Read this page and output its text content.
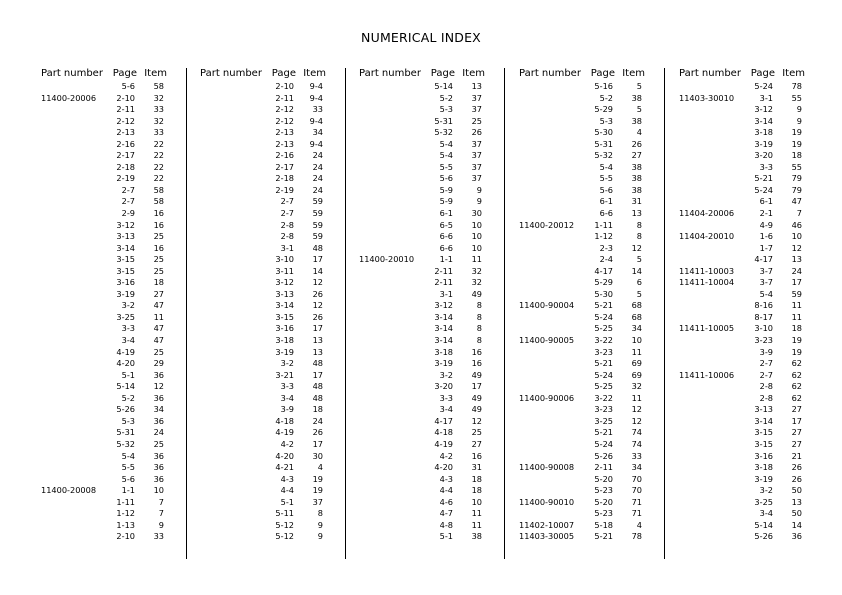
NUMERICAL INDEX
Part number Page Item
5-6	58
11400-20006	2-10	32
2-11	33
2-12	32
2-13	33
2-16	22
2-17	22
2-18	22
2-19	22
2-7	58
2-7	58
2-9	16
3-12	16
3-13	25
3-14	16
3-15	25
3-15	25
3-16	18
3-19	27
3-2	47
3-25	11
3-3	47
3-4	47
4-19	25
4-20	29
5-1	36
5-14	12
5-2	36
5-26	34
5-3	36
5-31	24
5-32	25
5-4	36
5-5	36
5-6	36
11400-20008	1-1	10
1-11	7
1-12	7
1-13	9
2-10	33
Part number Page Item
2-10	9-4
2-11	9-4
2-12	33
2-12	9-4
2-13	34
2-13	9-4
2-16	24
2-17	24
2-18	24
2-19	24
2-7	59
2-7	59
2-8	59
2-8	59
3-1	48
3-10	17
3-11	14
3-12	12
3-13	26
3-14	12
3-15	26
3-16	17
3-18	13
3-19	13
3-2	48
3-21	17
3-3	48
3-4	48
3-9	18
4-18	24
4-19	26
4-2	17
4-20	30
4-21	4
4-3	19
4-4	19
5-1	37
5-11	8
5-12	9
5-12	9
Part number Page Item
5-14	13
5-2	37
5-3	37
5-31	25
5-32	26
5-4	37
5-4	37
5-5	37
5-6	37
5-9	9
5-9	9
6-1	30
6-5	10
6-6	10
6-6	10
11400-20010	1-1	11
2-11	32
2-11	32
3-1	49
3-12	8
3-14	8
3-14	8
3-14	8
3-18	16
3-19	16
3-2	49
3-20	17
3-3	49
3-4	49
4-17	12
4-18	25
4-19	27
4-2	16
4-20	31
4-3	18
4-4	18
4-6	10
4-7	11
4-8	11
5-1	38
Part number Page Item
5-16	5
5-2	38
5-29	5
5-3	38
5-30	4
5-31	26
5-32	27
5-4	38
5-5	38
5-6	38
6-1	31
6-6	13
11400-20012	1-11	8
1-12	8
2-3	12
2-4	5
4-17	14
5-29	6
5-30	5
11400-90004	5-21	68
5-24	68
5-25	34
11400-90005	3-22	10
3-23	11
5-21	69
5-24	69
5-25	32
11400-90006	3-22	11
3-23	12
3-25	12
5-21	74
5-24	74
5-26	33
11400-90008	2-11	34
5-20	70
5-23	70
11400-90010	5-20	71
5-23	71
11402-10007	5-18	4
11403-30005	5-21	78
Part number Page Item
5-24	78
11403-30010	3-1	55
3-12	9
3-14	9
3-18	19
3-19	19
3-20	18
3-3	55
5-21	79
5-24	79
6-1	47
11404-20006	2-1	7
4-9	46
11404-20010	1-6	10
1-7	12
4-17	13
11411-10003	3-7	24
11411-10004	3-7	17
5-4	59
8-16	11
8-17	11
11411-10005	3-10	18
3-23	19
3-9	19
2-7	62
11411-10006	2-7	62
2-8	62
2-8	62
3-13	27
3-14	17
3-15	27
3-15	27
3-16	21
3-18	26
3-19	26
3-2	50
3-25	13
3-4	50
5-14	14
5-26	36
